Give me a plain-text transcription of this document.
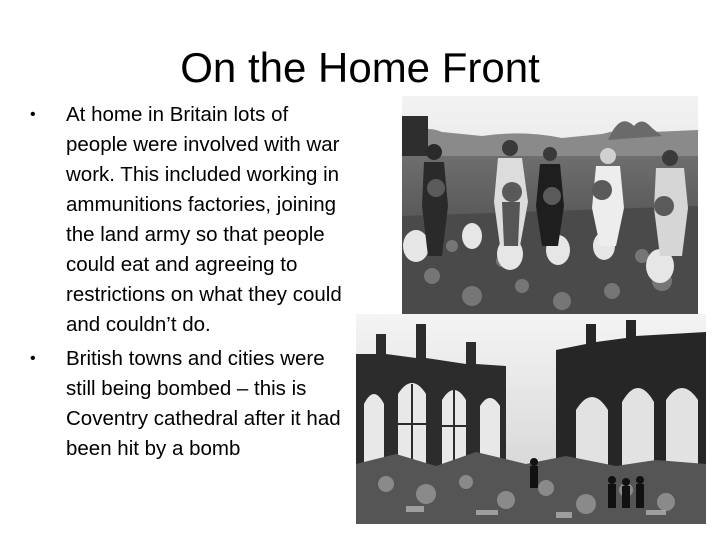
On the Home Front
•	At home in Britain lots of people were involved with war work. This included working in ammunitions factories, joining the land army so that people could eat and agreeing to restrictions on what they could and couldn’t do.
•	British towns and cities were still being bombed – this is Coventry cathedral after it had been hit by a bomb
